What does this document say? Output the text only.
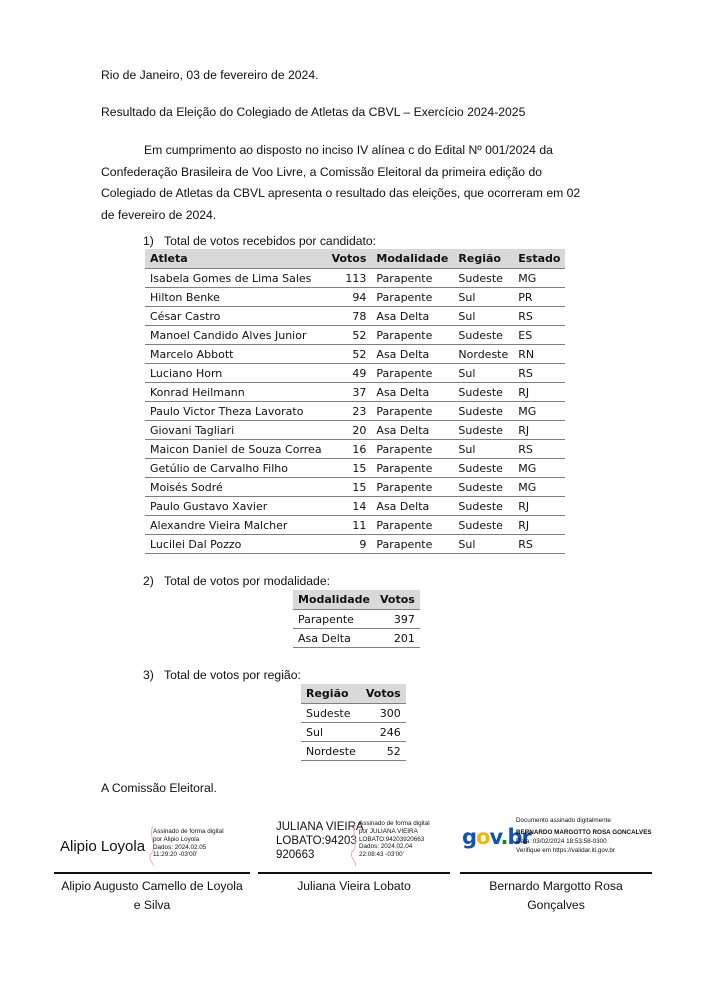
Rio de Janeiro, 03 de fevereiro de 2024.
Resultado da Eleição do Colegiado de Atletas da CBVL – Exercício 2024-2025
Em cumprimento ao disposto no inciso IV alínea c do Edital Nº 001/2024 da
Confederação Brasileira de Voo Livre, a Comissão Eleitoral da primeira edição do
Colegiado de Atletas da CBVL apresenta o resultado das eleições, que ocorreram em 02
de fevereiro de 2024.
1) Total de votos recebidos por candidato:
Atleta	Votos	Modalidade	Região	Estado
Isabela Gomes de Lima Sales	113	Parapente	Sudeste	MG
Hilton Benke	94	Parapente	Sul	PR
César Castro	78	Asa Delta	Sul	RS
Manoel Candido Alves Junior	52	Parapente	Sudeste	ES
Marcelo Abbott	52	Asa Delta	Nordeste	RN
Luciano Horn	49	Parapente	Sul	RS
Konrad Heilmann	37	Asa Delta	Sudeste	RJ
Paulo Victor Theza Lavorato	23	Parapente	Sudeste	MG
Giovani Tagliari	20	Asa Delta	Sudeste	RJ
Maicon Daniel de Souza Correa	16	Parapente	Sul	RS
Getúlio de Carvalho Filho	15	Parapente	Sudeste	MG
Moisés Sodré	15	Parapente	Sudeste	MG
Paulo Gustavo Xavier	14	Asa Delta	Sudeste	RJ
Alexandre Vieira Malcher	11	Parapente	Sudeste	RJ
Lucilei Dal Pozzo	9	Parapente	Sul	RS
2) Total de votos por modalidade:
Modalidade	Votos
Parapente	397
Asa Delta	201
3) Total de votos por região:
Região	Votos
Sudeste	300
Sul	246
Nordeste	52
A Comissão Eleitoral.
Alipio Loyola
Assinado de forma digital
por Alipio Loyola
Dados: 2024.02.05
11:29:20 -03'00'
Alipio Augusto Camello de Loyola
e Silva
JULIANA VIEIRA
LOBATO:94203
920663
Assinado de forma digital
por JULIANA VIEIRA
LOBATO:94203920663
Dados: 2024.02.04
22:08:43 -03'00'
Juliana Vieira Lobato
gov.br
Documento assinado digitalmente
BERNARDO MARGOTTO ROSA GONCALVES
Data: 03/02/2024 18:53:58-0300
Verifique em https://validar.iti.gov.br
Bernardo Margotto Rosa
Gonçalves
